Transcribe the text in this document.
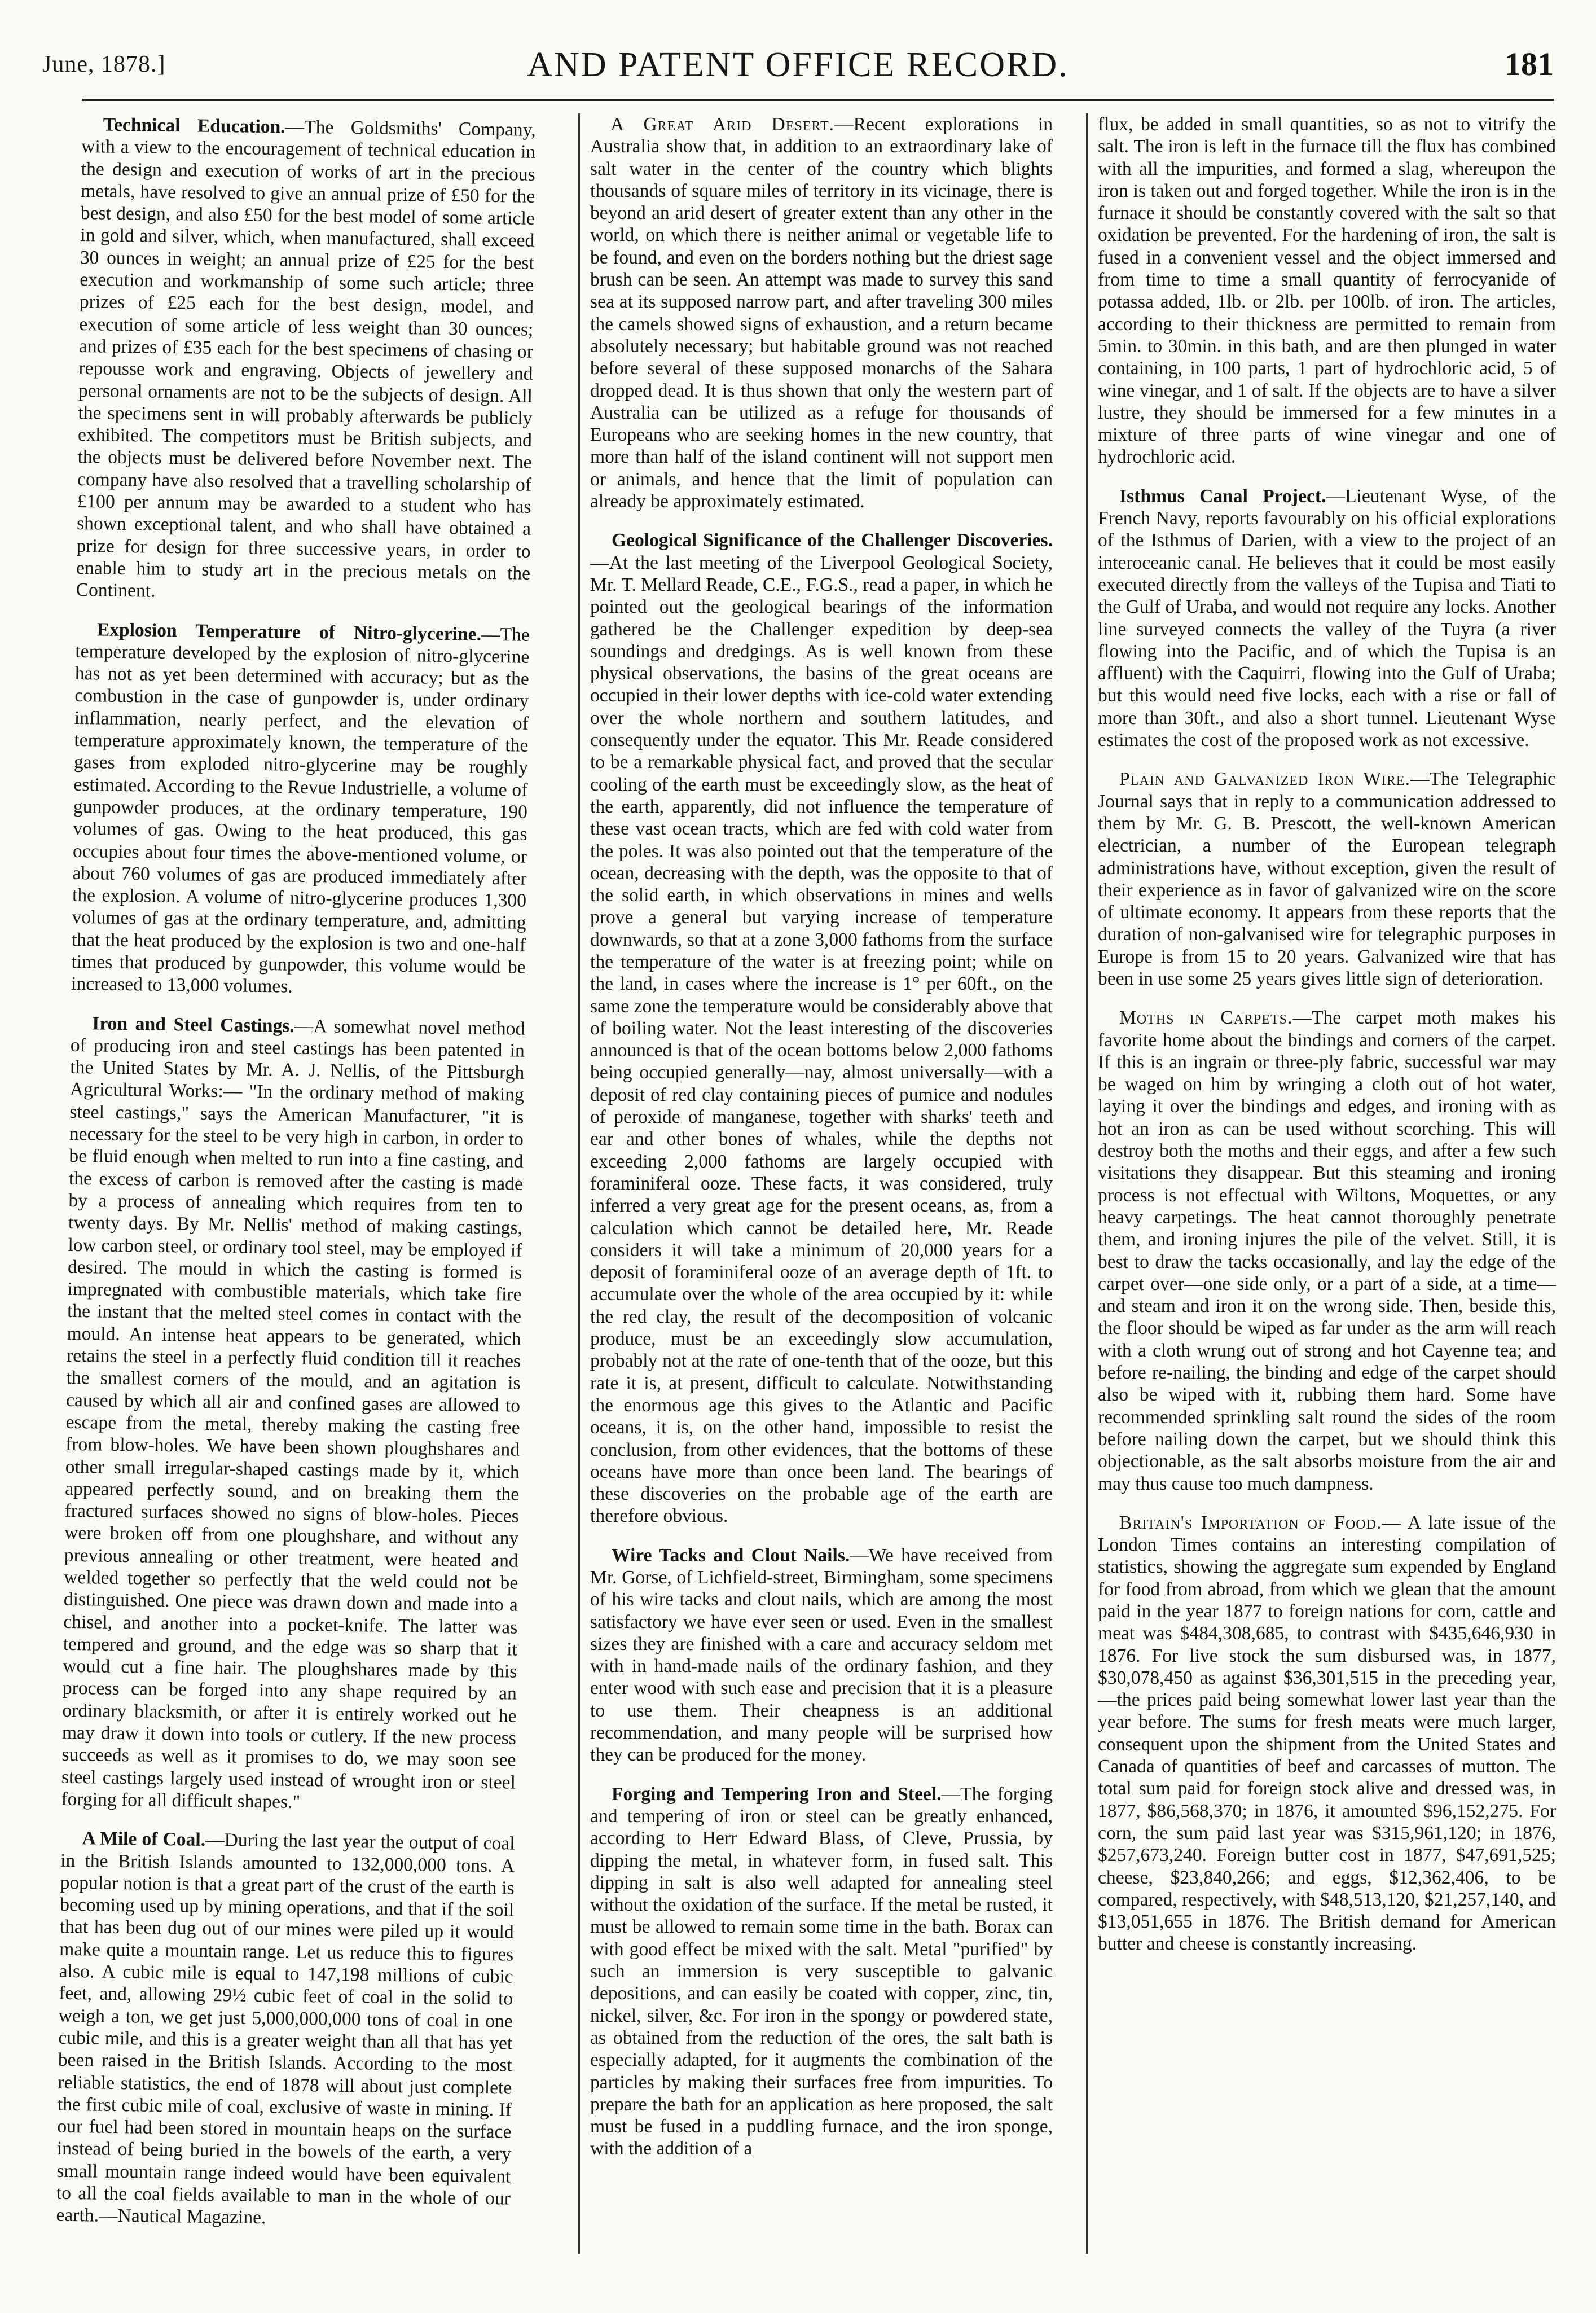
June, 1878.]	AND PATENT OFFICE RECORD.	181

Technical Education.—The Goldsmiths' Company, with a view to the encouragement of technical education in the design and execution of works of art in the precious metals, have resolved to give an annual prize of £50 for the best design, and also £50 for the best model of some article in gold and silver, which, when manufactured, shall exceed 30 ounces in weight; an annual prize of £25 for the best execution and workmanship of some such article; three prizes of £25 each for the best design, model, and execution of some article of less weight than 30 ounces; and prizes of £35 each for the best specimens of chasing or repousse work and engraving. Objects of jewellery and personal ornaments are not to be the subjects of design. All the specimens sent in will probably afterwards be publicly exhibited. The competitors must be British subjects, and the objects must be delivered before November next. The company have also resolved that a travelling scholarship of £100 per annum may be awarded to a student who has shown exceptional talent, and who shall have obtained a prize for design for three successive years, in order to enable him to study art in the precious metals on the Continent.

Explosion Temperature of Nitro-glycerine.—The temperature developed by the explosion of nitro-glycerine has not as yet been determined with accuracy; but as the combustion in the case of gunpowder is, under ordinary inflammation, nearly perfect, and the elevation of temperature approximately known, the temperature of the gases from exploded nitro-glycerine may be roughly estimated. According to the Revue Industrielle, a volume of gunpowder produces, at the ordinary temperature, 190 volumes of gas. Owing to the heat produced, this gas occupies about four times the above-mentioned volume, or about 760 volumes of gas are produced immediately after the explosion. A volume of nitro-glycerine produces 1,300 volumes of gas at the ordinary temperature, and, admitting that the heat produced by the explosion is two and one-half times that produced by gunpowder, this volume would be increased to 13,000 volumes.

Iron and Steel Castings.—A somewhat novel method of producing iron and steel castings has been patented in the United States by Mr. A. J. Nellis, of the Pittsburgh Agricultural Works:— "In the ordinary method of making steel castings," says the American Manufacturer, "it is necessary for the steel to be very high in carbon, in order to be fluid enough when melted to run into a fine casting, and the excess of carbon is removed after the casting is made by a process of annealing which requires from ten to twenty days. By Mr. Nellis' method of making castings, low carbon steel, or ordinary tool steel, may be employed if desired. The mould in which the casting is formed is impregnated with combustible materials, which take fire the instant that the melted steel comes in contact with the mould. An intense heat appears to be generated, which retains the steel in a perfectly fluid condition till it reaches the smallest corners of the mould, and an agitation is caused by which all air and confined gases are allowed to escape from the metal, thereby making the casting free from blow-holes. We have been shown ploughshares and other small irregular-shaped castings made by it, which appeared perfectly sound, and on breaking them the fractured surfaces showed no signs of blow-holes. Pieces were broken off from one ploughshare, and without any previous annealing or other treatment, were heated and welded together so perfectly that the weld could not be distinguished. One piece was drawn down and made into a chisel, and another into a pocket-knife. The latter was tempered and ground, and the edge was so sharp that it would cut a fine hair. The ploughshares made by this process can be forged into any shape required by an ordinary blacksmith, or after it is entirely worked out he may draw it down into tools or cutlery. If the new process succeeds as well as it promises to do, we may soon see steel castings largely used instead of wrought iron or steel forging for all difficult shapes."

A Mile of Coal.—During the last year the output of coal in the British Islands amounted to 132,000,000 tons. A popular notion is that a great part of the crust of the earth is becoming used up by mining operations, and that if the soil that has been dug out of our mines were piled up it would make quite a mountain range. Let us reduce this to figures also. A cubic mile is equal to 147,198 millions of cubic feet, and, allowing 29½ cubic feet of coal in the solid to weigh a ton, we get just 5,000,000,000 tons of coal in one cubic mile, and this is a greater weight than all that has yet been raised in the British Islands. According to the most reliable statistics, the end of 1878 will about just complete the first cubic mile of coal, exclusive of waste in mining. If our fuel had been stored in mountain heaps on the surface instead of being buried in the bowels of the earth, a very small mountain range indeed would have been equivalent to all the coal fields available to man in the whole of our earth.—Nautical Magazine.

A Great Arid Desert.—Recent explorations in Australia show that, in addition to an extraordinary lake of salt water in the center of the country which blights thousands of square miles of territory in its vicinage, there is beyond an arid desert of greater extent than any other in the world, on which there is neither animal or vegetable life to be found, and even on the borders nothing but the driest sage brush can be seen. An attempt was made to survey this sand sea at its supposed narrow part, and after traveling 300 miles the camels showed signs of exhaustion, and a return became absolutely necessary; but habitable ground was not reached before several of these supposed monarchs of the Sahara dropped dead. It is thus shown that only the western part of Australia can be utilized as a refuge for thousands of Europeans who are seeking homes in the new country, that more than half of the island continent will not support men or animals, and hence that the limit of population can already be approximately estimated.

Geological Significance of the Challenger Discoveries.—At the last meeting of the Liverpool Geological Society, Mr. T. Mellard Reade, C.E., F.G.S., read a paper, in which he pointed out the geological bearings of the information gathered be the Challenger expedition by deep-sea soundings and dredgings. As is well known from these physical observations, the basins of the great oceans are occupied in their lower depths with ice-cold water extending over the whole northern and southern latitudes, and consequently under the equator. This Mr. Reade considered to be a remarkable physical fact, and proved that the secular cooling of the earth must be exceedingly slow, as the heat of the earth, apparently, did not influence the temperature of these vast ocean tracts, which are fed with cold water from the poles. It was also pointed out that the temperature of the ocean, decreasing with the depth, was the opposite to that of the solid earth, in which observations in mines and wells prove a general but varying increase of temperature downwards, so that at a zone 3,000 fathoms from the surface the temperature of the water is at freezing point; while on the land, in cases where the increase is 1° per 60ft., on the same zone the temperature would be considerably above that of boiling water. Not the least interesting of the discoveries announced is that of the ocean bottoms below 2,000 fathoms being occupied generally—nay, almost universally—with a deposit of red clay containing pieces of pumice and nodules of peroxide of manganese, together with sharks' teeth and ear and other bones of whales, while the depths not exceeding 2,000 fathoms are largely occupied with foraminiferal ooze. These facts, it was considered, truly inferred a very great age for the present oceans, as, from a calculation which cannot be detailed here, Mr. Reade considers it will take a minimum of 20,000 years for a deposit of foraminiferal ooze of an average depth of 1ft. to accumulate over the whole of the area occupied by it: while the red clay, the result of the decomposition of volcanic produce, must be an exceedingly slow accumulation, probably not at the rate of one-tenth that of the ooze, but this rate it is, at present, difficult to calculate. Notwithstanding the enormous age this gives to the Atlantic and Pacific oceans, it is, on the other hand, impossible to resist the conclusion, from other evidences, that the bottoms of these oceans have more than once been land. The bearings of these discoveries on the probable age of the earth are therefore obvious.

Wire Tacks and Clout Nails.—We have received from Mr. Gorse, of Lichfield-street, Birmingham, some specimens of his wire tacks and clout nails, which are among the most satisfactory we have ever seen or used. Even in the smallest sizes they are finished with a care and accuracy seldom met with in hand-made nails of the ordinary fashion, and they enter wood with such ease and precision that it is a pleasure to use them. Their cheapness is an additional recommendation, and many people will be surprised how they can be produced for the money.

Forging and Tempering Iron and Steel.—The forging and tempering of iron or steel can be greatly enhanced, according to Herr Edward Blass, of Cleve, Prussia, by dipping the metal, in whatever form, in fused salt. This dipping in salt is also well adapted for annealing steel without the oxidation of the surface. If the metal be rusted, it must be allowed to remain some time in the bath. Borax can with good effect be mixed with the salt. Metal "purified" by such an immersion is very susceptible to galvanic depositions, and can easily be coated with copper, zinc, tin, nickel, silver, &c. For iron in the spongy or powdered state, as obtained from the reduction of the ores, the salt bath is especially adapted, for it augments the combination of the particles by making their surfaces free from impurities. To prepare the bath for an application as here proposed, the salt must be fused in a puddling furnace, and the iron sponge, with the addition of a

flux, be added in small quantities, so as not to vitrify the salt. The iron is left in the furnace till the flux has combined with all the impurities, and formed a slag, whereupon the iron is taken out and forged together. While the iron is in the furnace it should be constantly covered with the salt so that oxidation be prevented. For the hardening of iron, the salt is fused in a convenient vessel and the object immersed and from time to time a small quantity of ferrocyanide of potassa added, 1lb. or 2lb. per 100lb. of iron. The articles, according to their thickness are permitted to remain from 5min. to 30min. in this bath, and are then plunged in water containing, in 100 parts, 1 part of hydrochloric acid, 5 of wine vinegar, and 1 of salt. If the objects are to have a silver lustre, they should be immersed for a few minutes in a mixture of three parts of wine vinegar and one of hydrochloric acid.

Isthmus Canal Project.—Lieutenant Wyse, of the French Navy, reports favourably on his official explorations of the Isthmus of Darien, with a view to the project of an interoceanic canal. He believes that it could be most easily executed directly from the valleys of the Tupisa and Tiati to the Gulf of Uraba, and would not require any locks. Another line surveyed connects the valley of the Tuyra (a river flowing into the Pacific, and of which the Tupisa is an affluent) with the Caquirri, flowing into the Gulf of Uraba; but this would need five locks, each with a rise or fall of more than 30ft., and also a short tunnel. Lieutenant Wyse estimates the cost of the proposed work as not excessive.

Plain and Galvanized Iron Wire.—The Telegraphic Journal says that in reply to a communication addressed to them by Mr. G. B. Prescott, the well-known American electrician, a number of the European telegraph administrations have, without exception, given the result of their experience as in favor of galvanized wire on the score of ultimate economy. It appears from these reports that the duration of non-galvanised wire for telegraphic purposes in Europe is from 15 to 20 years. Galvanized wire that has been in use some 25 years gives little sign of deterioration.

Moths in Carpets.—The carpet moth makes his favorite home about the bindings and corners of the carpet. If this is an ingrain or three-ply fabric, successful war may be waged on him by wringing a cloth out of hot water, laying it over the bindings and edges, and ironing with as hot an iron as can be used without scorching. This will destroy both the moths and their eggs, and after a few such visitations they disappear. But this steaming and ironing process is not effectual with Wiltons, Moquettes, or any heavy carpetings. The heat cannot thoroughly penetrate them, and ironing injures the pile of the velvet. Still, it is best to draw the tacks occasionally, and lay the edge of the carpet over—one side only, or a part of a side, at a time—and steam and iron it on the wrong side. Then, beside this, the floor should be wiped as far under as the arm will reach with a cloth wrung out of strong and hot Cayenne tea; and before re-nailing, the binding and edge of the carpet should also be wiped with it, rubbing them hard. Some have recommended sprinkling salt round the sides of the room before nailing down the carpet, but we should think this objectionable, as the salt absorbs moisture from the air and may thus cause too much dampness.

Britain's Importation of Food.— A late issue of the London Times contains an interesting compilation of statistics, showing the aggregate sum expended by England for food from abroad, from which we glean that the amount paid in the year 1877 to foreign nations for corn, cattle and meat was $484,308,685, to contrast with $435,646,930 in 1876. For live stock the sum disbursed was, in 1877, $30,078,450 as against $36,301,515 in the preceding year,—the prices paid being somewhat lower last year than the year before. The sums for fresh meats were much larger, consequent upon the shipment from the United States and Canada of quantities of beef and carcasses of mutton. The total sum paid for foreign stock alive and dressed was, in 1877, $86,568,370; in 1876, it amounted $96,152,275. For corn, the sum paid last year was $315,961,120; in 1876, $257,673,240. Foreign butter cost in 1877, $47,691,525; cheese, $23,840,266; and eggs, $12,362,406, to be compared, respectively, with $48,513,120, $21,257,140, and $13,051,655 in 1876. The British demand for American butter and cheese is constantly increasing.
